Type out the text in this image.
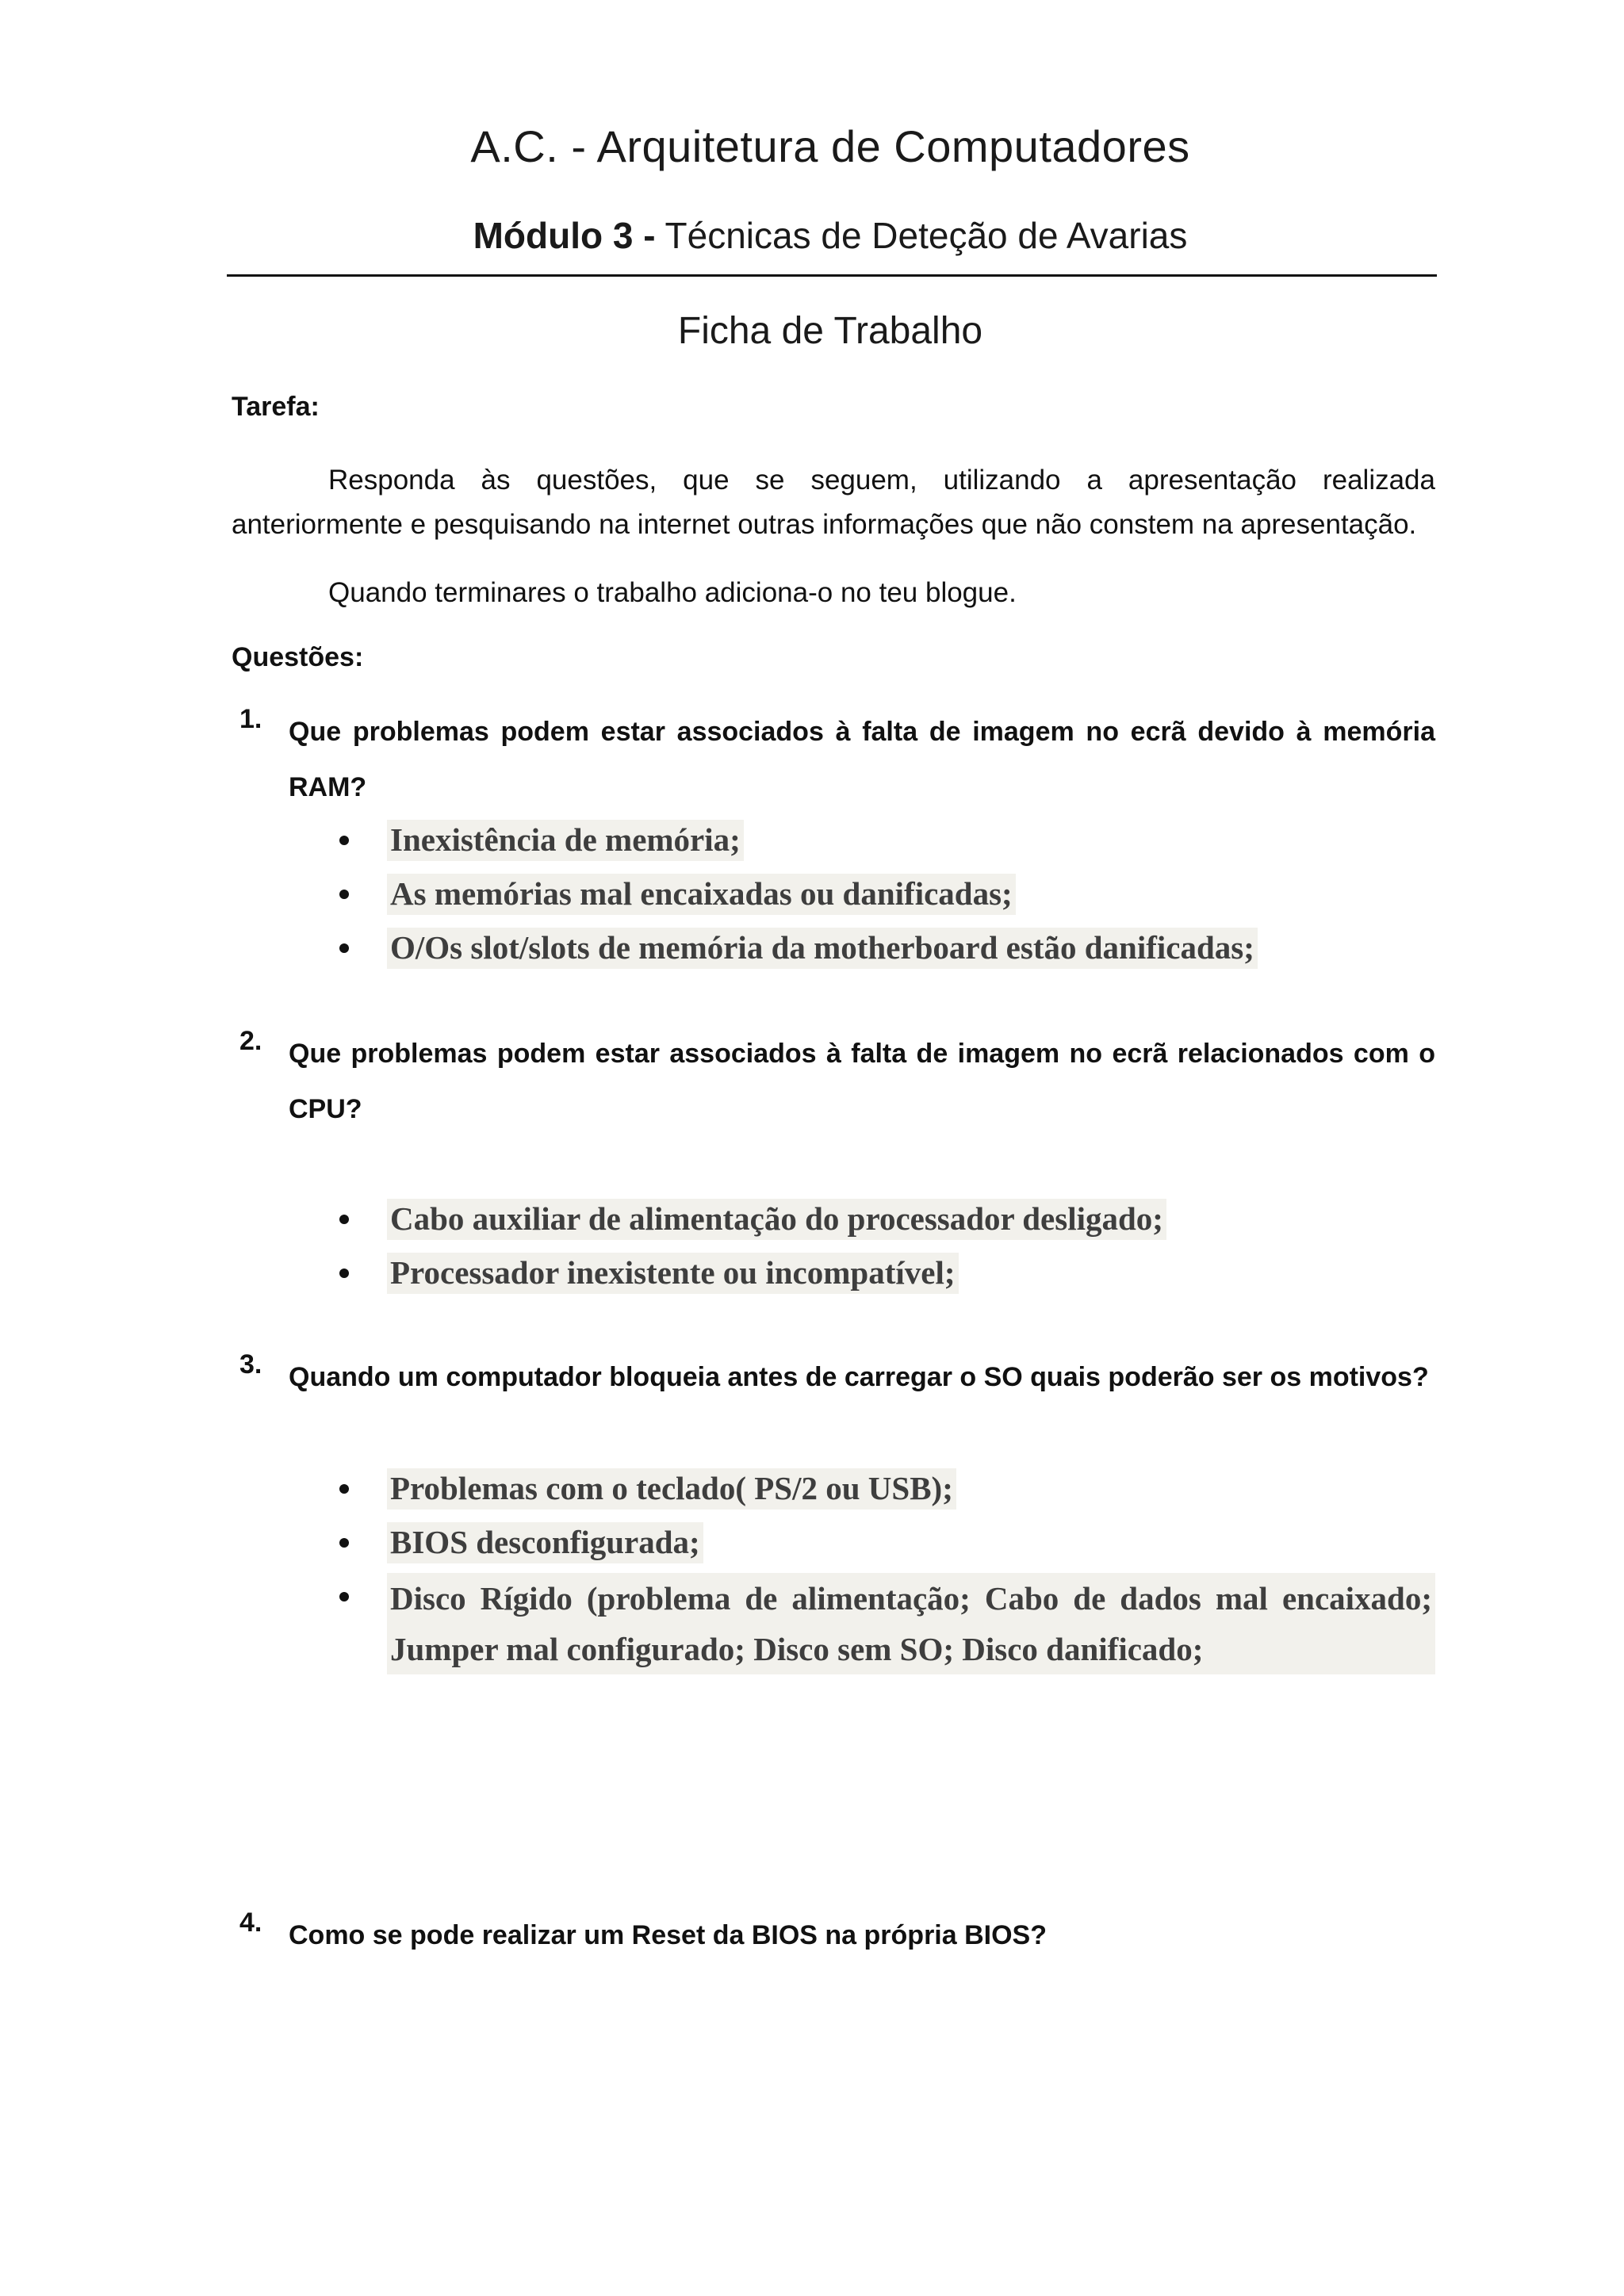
A.C. - Arquitetura de Computadores
Módulo 3 - Técnicas de Deteção de Avarias
Ficha de Trabalho
Tarefa:

Responda às questões, que se seguem, utilizando a apresentação realizada anteriormente e pesquisando na internet outras informações que não constem na apresentação.

Quando terminares o trabalho adiciona-o no teu blogue.

Questões:
1. Que problemas podem estar associados à falta de imagem no ecrã devido à memória RAM?
Inexistência de memória;
As memórias mal encaixadas ou danificadas;
O/Os slot/slots de memória da motherboard estão danificadas;
2. Que problemas podem estar associados à falta de imagem no ecrã relacionados com o CPU?
Cabo auxiliar de alimentação do processador desligado;
Processador inexistente ou incompatível;
3. Quando um computador bloqueia antes de carregar o SO quais poderão ser os motivos?
Problemas com o teclado( PS/2 ou USB);
BIOS desconfigurada;
Disco Rígido (problema de alimentação; Cabo de dados mal encaixado; Jumper mal configurado; Disco sem SO; Disco danificado;
4. Como se pode realizar um Reset da BIOS na própria BIOS?
